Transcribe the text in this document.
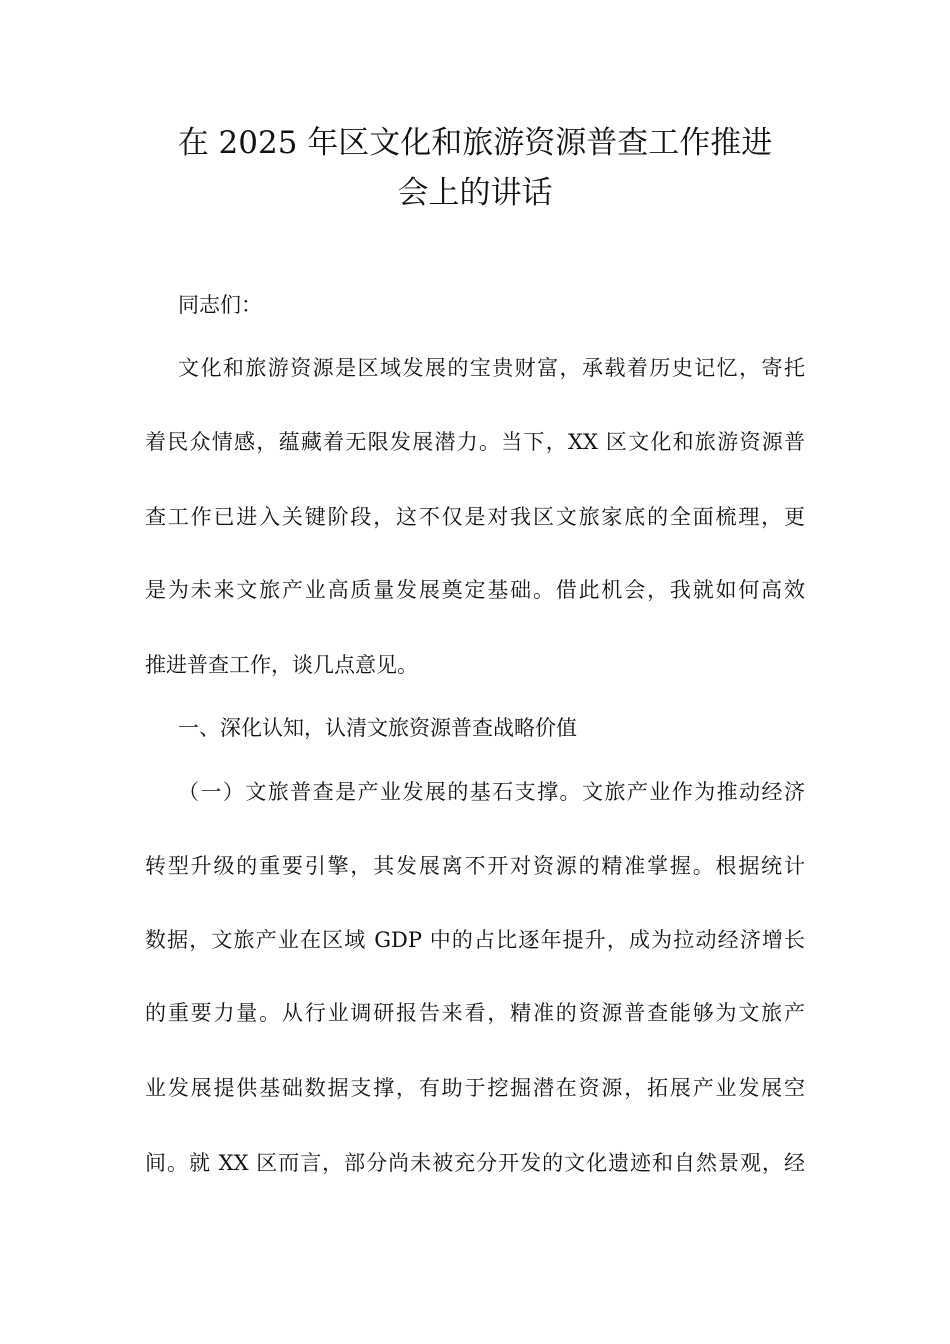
在 2025 年区文化和旅游资源普查工作推进
会上的讲话
同志们：
文化和旅游资源是区域发展的宝贵财富，承载着历史记忆，寄托
着民众情感，蕴藏着无限发展潜力。当下，XX 区文化和旅游资源普
查工作已进入关键阶段，这不仅是对我区文旅家底的全面梳理，更
是为未来文旅产业高质量发展奠定基础。借此机会，我就如何高效
推进普查工作，谈几点意见。
一、深化认知，认清文旅资源普查战略价值
（一）文旅普查是产业发展的基石支撑。文旅产业作为推动经济
转型升级的重要引擎，其发展离不开对资源的精准掌握。根据统计
数据，文旅产业在区域 GDP 中的占比逐年提升，成为拉动经济增长
的重要力量。从行业调研报告来看，精准的资源普查能够为文旅产
业发展提供基础数据支撑，有助于挖掘潜在资源，拓展产业发展空
间。就 XX 区而言，部分尚未被充分开发的文化遗迹和自然景观，经
